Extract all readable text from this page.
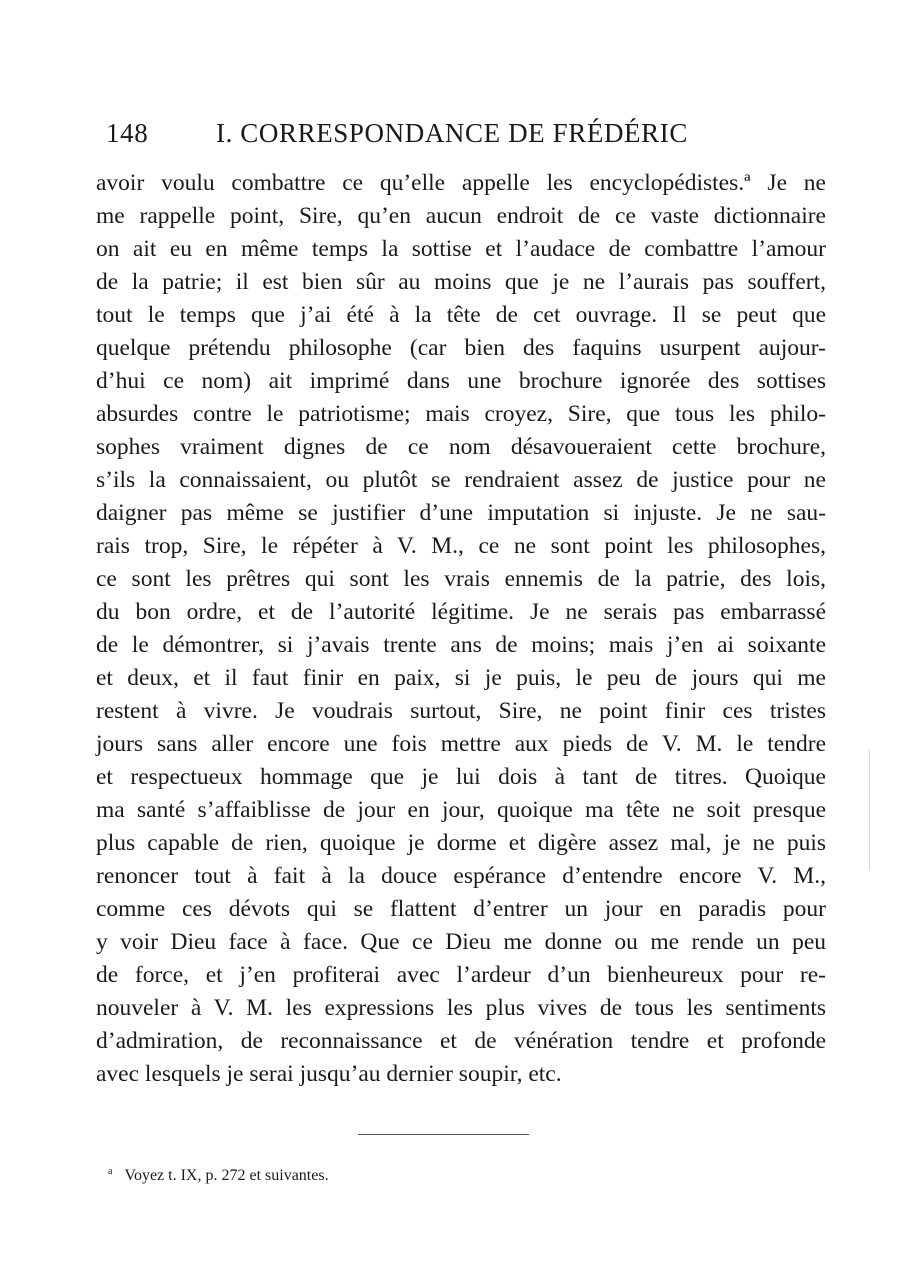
148	I. CORRESPONDANCE DE FRÉDÉRIC
avoir voulu combattre ce qu’elle appelle les encyclopédistes.ª Je ne
me rappelle point, Sire, qu’en aucun endroit de ce vaste dictionnaire
on ait eu en même temps la sottise et l’audace de combattre l’amour
de la patrie; il est bien sûr au moins que je ne l’aurais pas souffert,
tout le temps que j’ai été à la tête de cet ouvrage. Il se peut que
quelque prétendu philosophe (car bien des faquins usurpent aujour-
d’hui ce nom) ait imprimé dans une brochure ignorée des sottises
absurdes contre le patriotisme; mais croyez, Sire, que tous les philo-
sophes vraiment dignes de ce nom désavoueraient cette brochure,
s’ils la connaissaient, ou plutôt se rendraient assez de justice pour ne
daigner pas même se justifier d’une imputation si injuste. Je ne sau-
rais trop, Sire, le répéter à V. M., ce ne sont point les philosophes,
ce sont les prêtres qui sont les vrais ennemis de la patrie, des lois,
du bon ordre, et de l’autorité légitime. Je ne serais pas embarrassé
de le démontrer, si j’avais trente ans de moins; mais j’en ai soixante
et deux, et il faut finir en paix, si je puis, le peu de jours qui me
restent à vivre. Je voudrais surtout, Sire, ne point finir ces tristes
jours sans aller encore une fois mettre aux pieds de V. M. le tendre
et respectueux hommage que je lui dois à tant de titres. Quoique
ma santé s’affaiblisse de jour en jour, quoique ma tête ne soit presque
plus capable de rien, quoique je dorme et digère assez mal, je ne puis
renoncer tout à fait à la douce espérance d’entendre encore V. M.,
comme ces dévots qui se flattent d’entrer un jour en paradis pour
y voir Dieu face à face. Que ce Dieu me donne ou me rende un peu
de force, et j’en profiterai avec l’ardeur d’un bienheureux pour re-
nouveler à V. M. les expressions les plus vives de tous les sentiments
d’admiration, de reconnaissance et de vénération tendre et profonde
avec lesquels je serai jusqu’au dernier soupir, etc.
$^a$ Voyez t. IX, p. 272 et suivantes.
